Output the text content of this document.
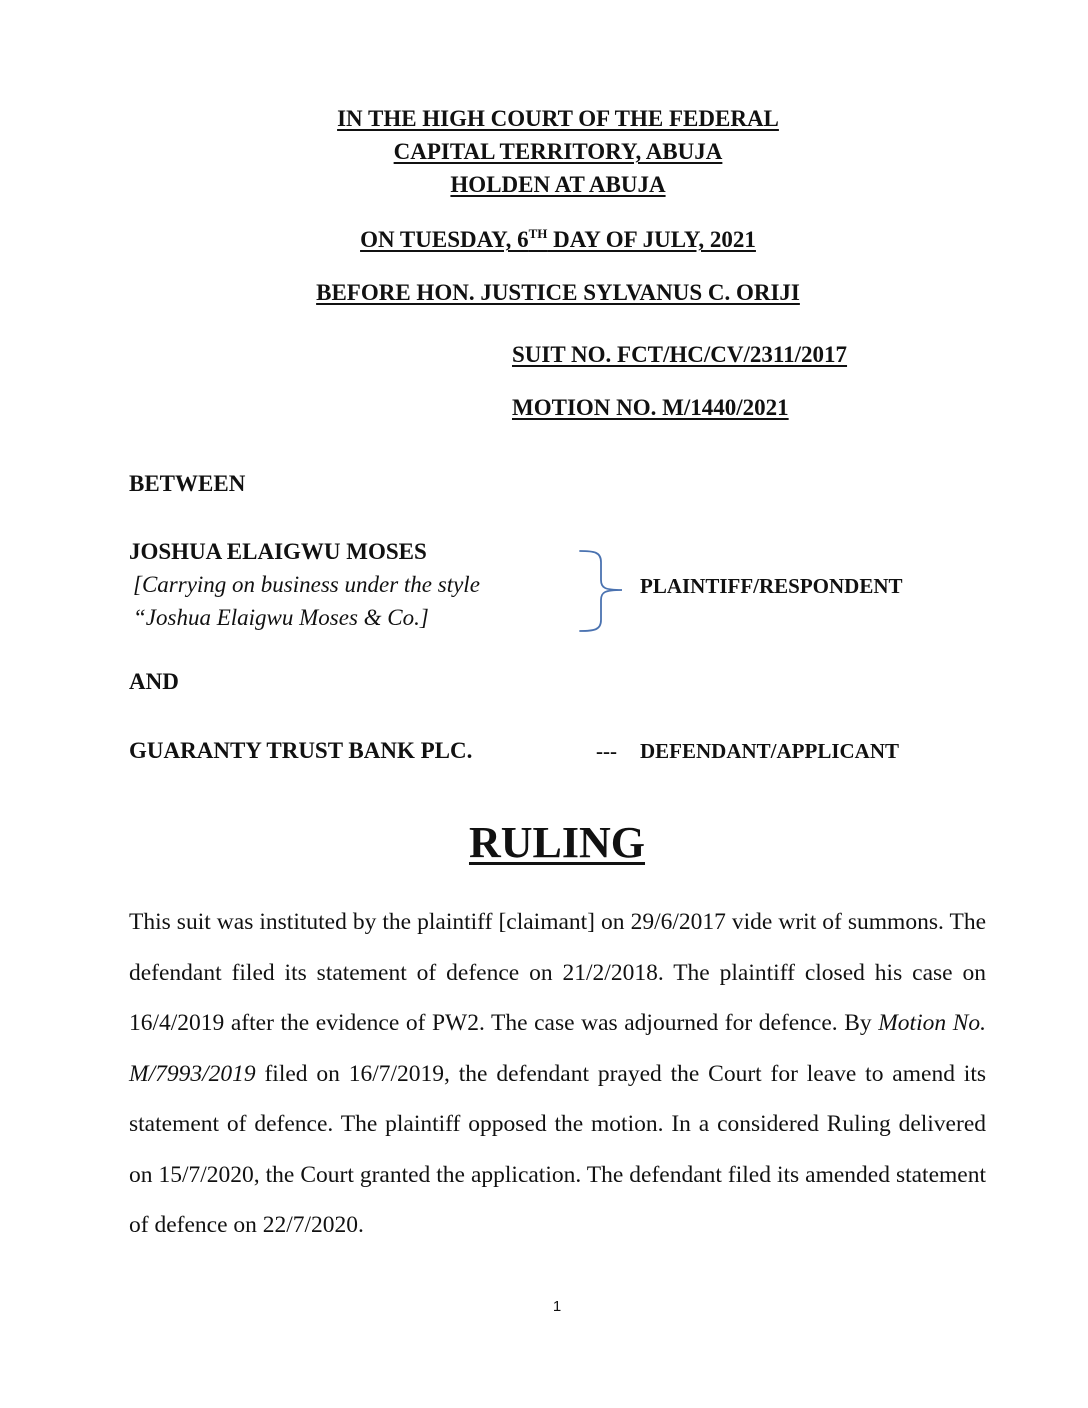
IN THE HIGH COURT OF THE FEDERAL
CAPITAL TERRITORY, ABUJA
HOLDEN AT ABUJA
ON TUESDAY, 6TH DAY OF JULY, 2021
BEFORE HON. JUSTICE SYLVANUS C. ORIJI
SUIT NO. FCT/HC/CV/2311/2017
MOTION NO. M/1440/2021
BETWEEN
JOSHUA ELAIGWU MOSES
[Carrying on business under the style
“Joshua Elaigwu Moses & Co.]
PLAINTIFF/RESPONDENT
AND
GUARANTY TRUST BANK PLC.	--- DEFENDANT/APPLICANT
RULING

This suit was instituted by the plaintiff [claimant] on 29/6/2017 vide writ of summons. The defendant filed its statement of defence on 21/2/2018. The plaintiff closed his case on 16/4/2019 after the evidence of PW2. The case was adjourned for defence. By Motion No. M/7993/2019 filed on 16/7/2019, the defendant prayed the Court for leave to amend its statement of defence. The plaintiff opposed the motion. In a considered Ruling delivered on 15/7/2020, the Court granted the application. The defendant filed its amended statement of defence on 22/7/2020.

1
